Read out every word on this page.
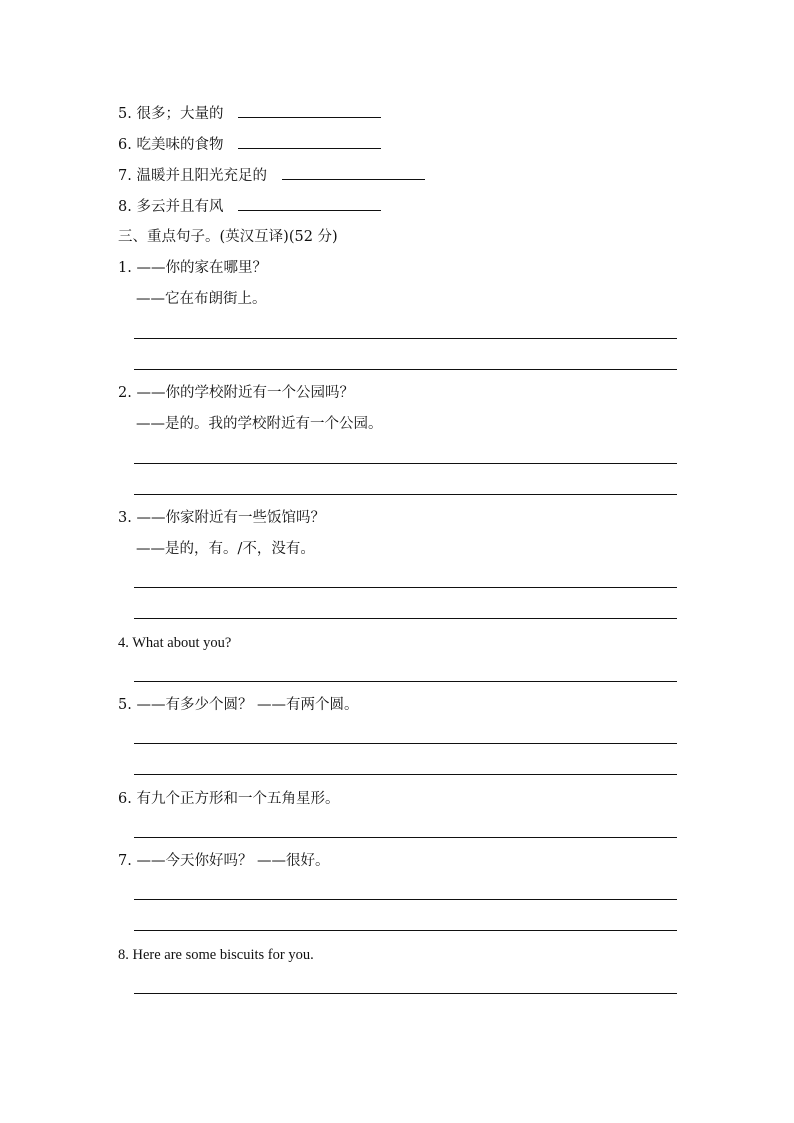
5. 很多；大量的
6. 吃美味的食物
7. 温暖并且阳光充足的
8. 多云并且有风
三、重点句子。(英汉互译)(52 分)
1. ——你的家在哪里？
——它在布朗街上。
2. ——你的学校附近有一个公园吗？
——是的。我的学校附近有一个公园。
3. ——你家附近有一些饭馆吗？
——是的，有。/不，没有。
4. What about you?
5. ——有多少个圆？ ——有两个圆。
6. 有九个正方形和一个五角星形。
7. ——今天你好吗？ ——很好。
8. Here are some biscuits for you.
